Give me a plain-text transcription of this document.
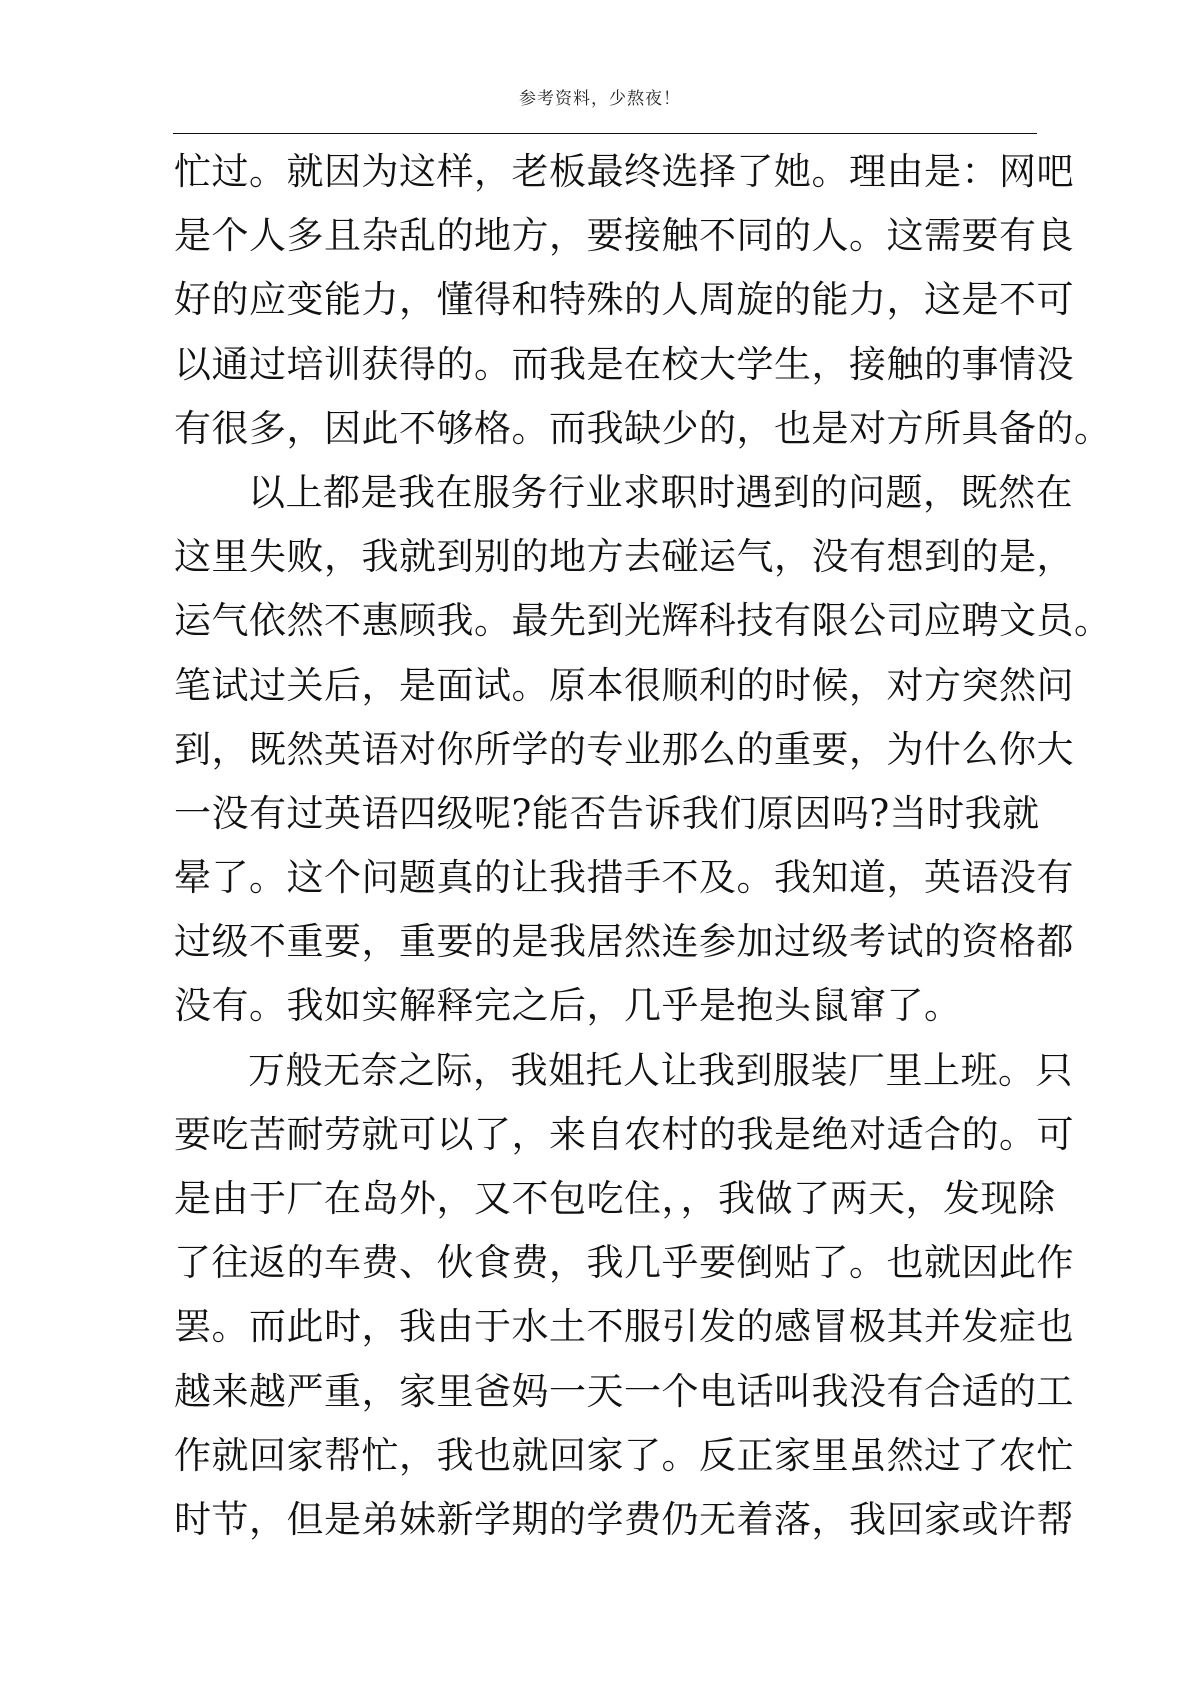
参考资料，少熬夜！
忙过。就因为这样，老板最终选择了她。理由是：网吧
是个人多且杂乱的地方，要接触不同的人。这需要有良
好的应变能力，懂得和特殊的人周旋的能力，这是不可
以通过培训获得的。而我是在校大学生，接触的事情没
有很多，因此不够格。而我缺少的，也是对方所具备的。
以上都是我在服务行业求职时遇到的问题，既然在
这里失败，我就到别的地方去碰运气，没有想到的是，
运气依然不惠顾我。最先到光辉科技有限公司应聘文员。
笔试过关后，是面试。原本很顺利的时候，对方突然问
到，既然英语对你所学的专业那么的重要，为什么你大
一没有过英语四级呢?能否告诉我们原因吗?当时我就
晕了。这个问题真的让我措手不及。我知道，英语没有
过级不重要，重要的是我居然连参加过级考试的资格都
没有。我如实解释完之后，几乎是抱头鼠窜了。
万般无奈之际，我姐托人让我到服装厂里上班。只
要吃苦耐劳就可以了，来自农村的我是绝对适合的。可
是由于厂在岛外，又不包吃住，，我做了两天，发现除
了往返的车费、伙食费，我几乎要倒贴了。也就因此作
罢。而此时，我由于水土不服引发的感冒极其并发症也
越来越严重，家里爸妈一天一个电话叫我没有合适的工
作就回家帮忙，我也就回家了。反正家里虽然过了农忙
时节，但是弟妹新学期的学费仍无着落，我回家或许帮
